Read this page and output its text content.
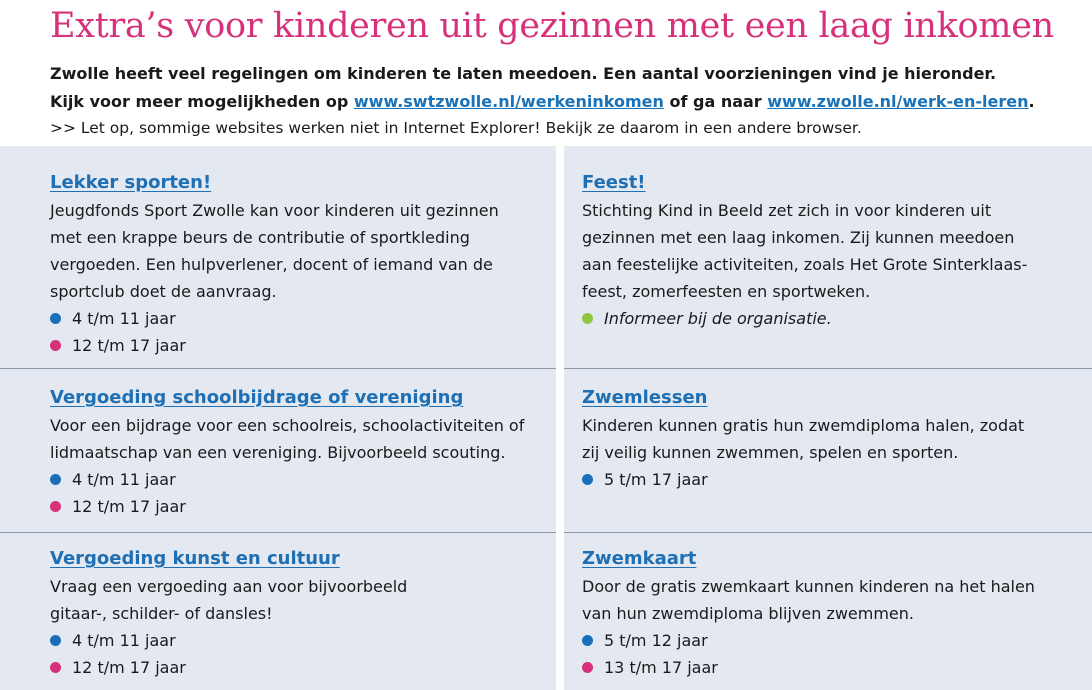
Extra’s voor kinderen uit gezinnen met een laag inkomen
Zwolle heeft veel regelingen om kinderen te laten meedoen. Een aantal voorzieningen vind je hieronder.
Kijk voor meer mogelijkheden op www.swtzwolle.nl/werkeninkomen of ga naar www.zwolle.nl/werk-en-leren.
>> Let op, sommige websites werken niet in Internet Explorer! Bekijk ze daarom in een andere browser.
Lekker sporten!
Jeugdfonds Sport Zwolle kan voor kinderen uit gezinnen
met een krappe beurs de contributie of sportkleding
vergoeden. Een hulpverlener, docent of iemand van de
sportclub doet de aanvraag.
4 t/m 11 jaar
12 t/m 17 jaar
Vergoeding schoolbijdrage of vereniging
Voor een bijdrage voor een schoolreis, schoolactiviteiten of
lidmaatschap van een vereniging. Bijvoorbeeld scouting.
4 t/m 11 jaar
12 t/m 17 jaar
Vergoeding kunst en cultuur
Vraag een vergoeding aan voor bijvoorbeeld
gitaar-, schilder- of dansles!
4 t/m 11 jaar
12 t/m 17 jaar
Feest!
Stichting Kind in Beeld zet zich in voor kinderen uit
gezinnen met een laag inkomen. Zij kunnen meedoen
aan feestelijke activiteiten, zoals Het Grote Sinterklaas-
feest, zomerfeesten en sportweken.
Informeer bij de organisatie.
Zwemlessen
Kinderen kunnen gratis hun zwemdiploma halen, zodat
zij veilig kunnen zwemmen, spelen en sporten.
5 t/m 17 jaar
Zwemkaart
Door de gratis zwemkaart kunnen kinderen na het halen
van hun zwemdiploma blijven zwemmen.
5 t/m 12 jaar
13 t/m 17 jaar
